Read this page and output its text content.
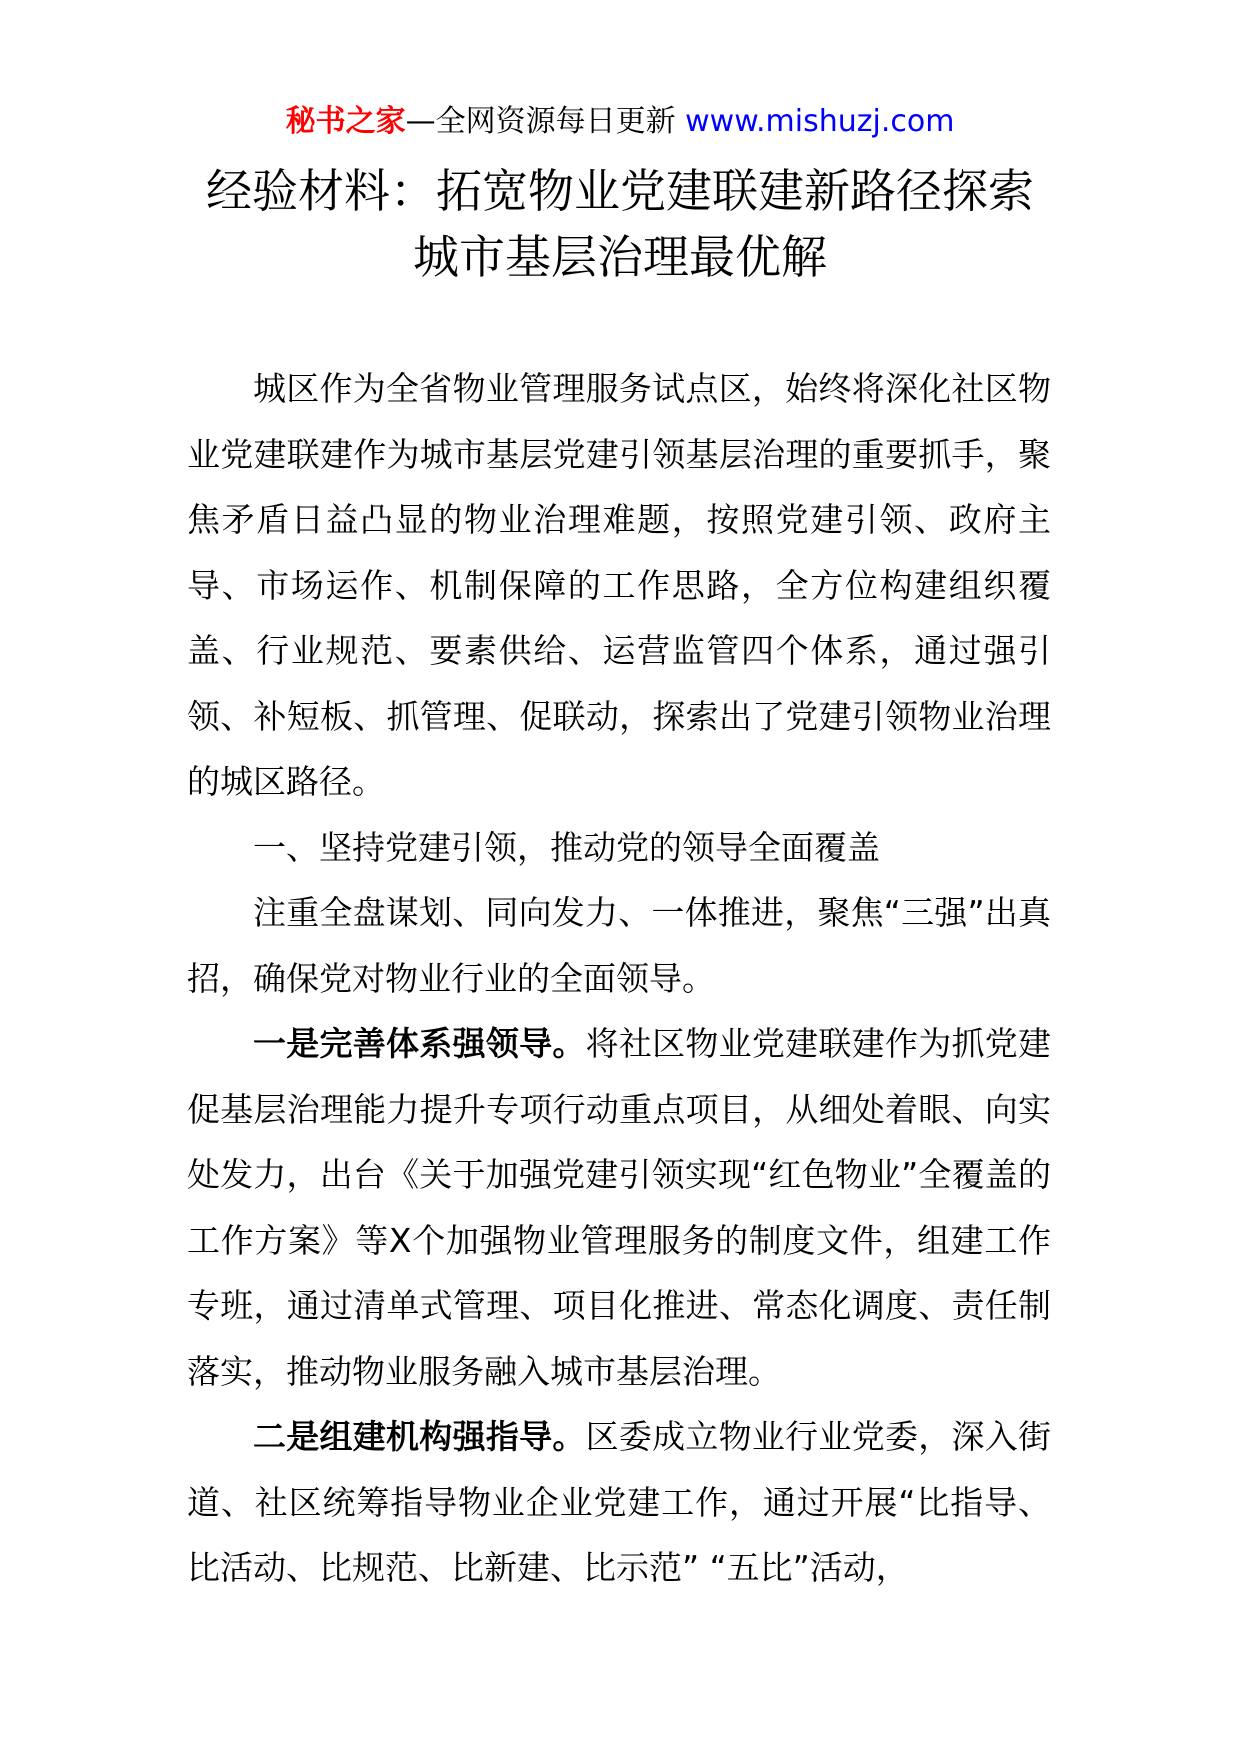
秘书之家—全网资源每日更新 www.mishuzj.com
经验材料：拓宽物业党建联建新路径探索
城市基层治理最优解

城区作为全省物业管理服务试点区，始终将深化社区物业党建联建作为城市基层党建引领基层治理的重要抓手，聚焦矛盾日益凸显的物业治理难题，按照党建引领、政府主导、市场运作、机制保障的工作思路，全方位构建组织覆盖、行业规范、要素供给、运营监管四个体系，通过强引领、补短板、抓管理、促联动，探索出了党建引领物业治理的城区路径。

一、坚持党建引领，推动党的领导全面覆盖

注重全盘谋划、同向发力、一体推进，聚焦“三强”出真招，确保党对物业行业的全面领导。

一是完善体系强领导。将社区物业党建联建作为抓党建促基层治理能力提升专项行动重点项目，从细处着眼、向实处发力，出台《关于加强党建引领实现“红色物业”全覆盖的工作方案》等X个加强物业管理服务的制度文件，组建工作专班，通过清单式管理、项目化推进、常态化调度、责任制落实，推动物业服务融入城市基层治理。

二是组建机构强指导。区委成立物业行业党委，深入街道、社区统筹指导物业企业党建工作，通过开展“比指导、比活动、比规范、比新建、比示范” “五比”活动，
